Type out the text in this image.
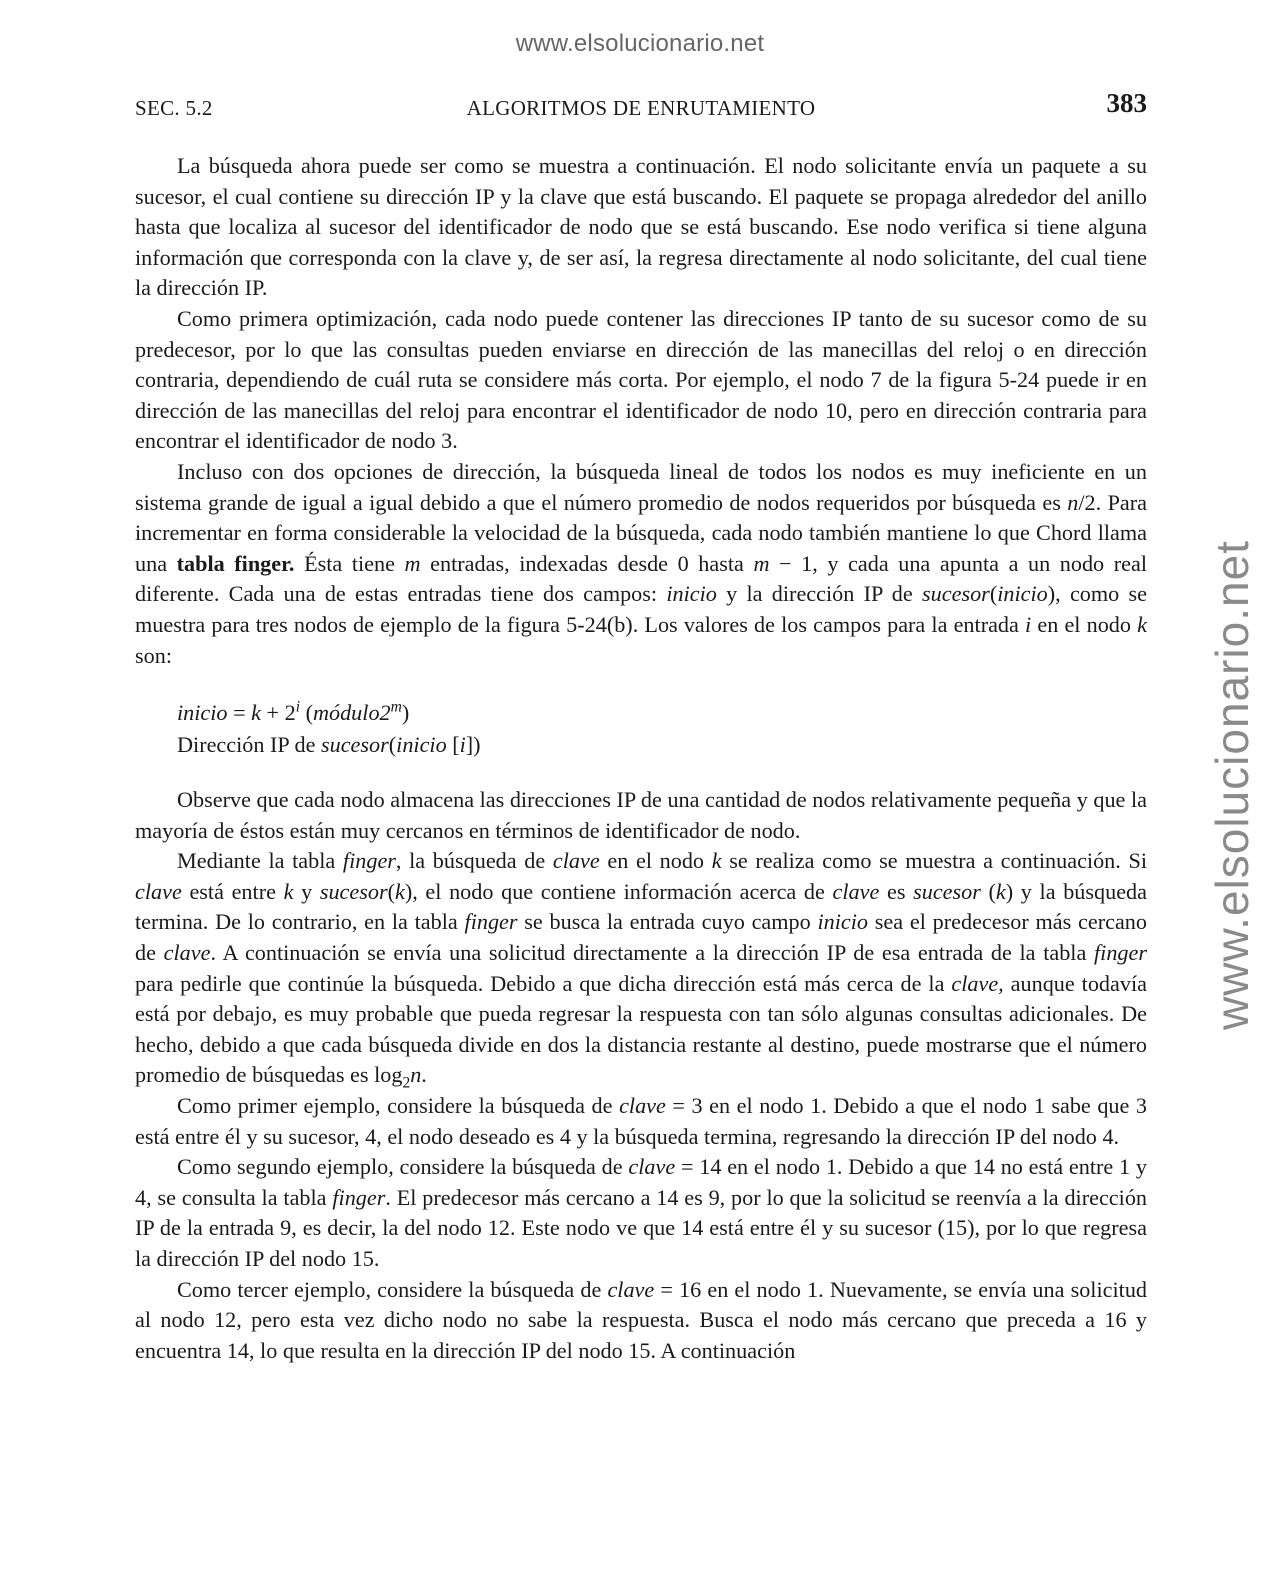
www.elsolucionario.net
www.elsolucionario.net
SEC. 5.2	ALGORITMOS DE ENRUTAMIENTO	383

La búsqueda ahora puede ser como se muestra a continuación. El nodo solicitante envía un paquete a su sucesor, el cual contiene su dirección IP y la clave que está buscando. El paquete se propaga alrededor del anillo hasta que localiza al sucesor del identificador de nodo que se está buscando. Ese nodo verifica si tiene alguna información que corresponda con la clave y, de ser así, la regresa directamente al nodo solicitante, del cual tiene la dirección IP.

Como primera optimización, cada nodo puede contener las direcciones IP tanto de su sucesor como de su predecesor, por lo que las consultas pueden enviarse en dirección de las manecillas del reloj o en dirección contraria, dependiendo de cuál ruta se considere más corta. Por ejemplo, el nodo 7 de la figura 5-24 puede ir en dirección de las manecillas del reloj para encontrar el identificador de nodo 10, pero en dirección contraria para encontrar el identificador de nodo 3.

Incluso con dos opciones de dirección, la búsqueda lineal de todos los nodos es muy ineficiente en un sistema grande de igual a igual debido a que el número promedio de nodos requeridos por búsqueda es n/2. Para incrementar en forma considerable la velocidad de la búsqueda, cada nodo también mantiene lo que Chord llama una tabla finger. Ésta tiene m entradas, indexadas desde 0 hasta m − 1, y cada una apunta a un nodo real diferente. Cada una de estas entradas tiene dos campos: inicio y la dirección IP de sucesor(inicio), como se muestra para tres nodos de ejemplo de la figura 5-24(b). Los valores de los campos para la entrada i en el nodo k son:

inicio = $k + 2^i$ (módulo2$^m$)
Dirección IP de sucesor(inicio [i])

Observe que cada nodo almacena las direcciones IP de una cantidad de nodos relativamente pequeña y que la mayoría de éstos están muy cercanos en términos de identificador de nodo.

Mediante la tabla finger, la búsqueda de clave en el nodo k se realiza como se muestra a continuación. Si clave está entre k y sucesor(k), el nodo que contiene información acerca de clave es sucesor (k) y la búsqueda termina. De lo contrario, en la tabla finger se busca la entrada cuyo campo inicio sea el predecesor más cercano de clave. A continuación se envía una solicitud directamente a la dirección IP de esa entrada de la tabla finger para pedirle que continúe la búsqueda. Debido a que dicha dirección está más cerca de la clave, aunque todavía está por debajo, es muy probable que pueda regresar la respuesta con tan sólo algunas consultas adicionales. De hecho, debido a que cada búsqueda divide en dos la distancia restante al destino, puede mostrarse que el número promedio de búsquedas es $\log_2n$.

Como primer ejemplo, considere la búsqueda de clave = 3 en el nodo 1. Debido a que el nodo 1 sabe que 3 está entre él y su sucesor, 4, el nodo deseado es 4 y la búsqueda termina, regresando la dirección IP del nodo 4.

Como segundo ejemplo, considere la búsqueda de clave = 14 en el nodo 1. Debido a que 14 no está entre 1 y 4, se consulta la tabla finger. El predecesor más cercano a 14 es 9, por lo que la solicitud se reenvía a la dirección IP de la entrada 9, es decir, la del nodo 12. Este nodo ve que 14 está entre él y su sucesor (15), por lo que regresa la dirección IP del nodo 15.

Como tercer ejemplo, considere la búsqueda de clave = 16 en el nodo 1. Nuevamente, se envía una solicitud al nodo 12, pero esta vez dicho nodo no sabe la respuesta. Busca el nodo más cercano que preceda a 16 y encuentra 14, lo que resulta en la dirección IP del nodo 15. A continuación
